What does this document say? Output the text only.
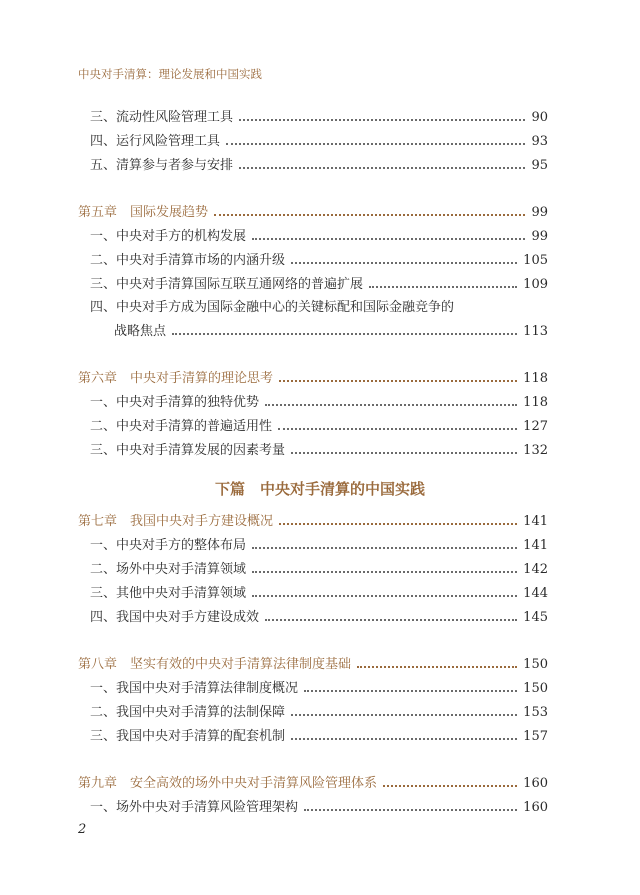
中央对手清算：理论发展和中国实践
三、流动性风险管理工具	90
四、运行风险管理工具	93
五、清算参与者参与安排	95
第五章　国际发展趋势	99
一、中央对手方的机构发展	99
二、中央对手清算市场的内涵升级	105
三、中央对手清算国际互联互通网络的普遍扩展	109
四、中央对手方成为国际金融中心的关键标配和国际金融竞争的
战略焦点	113
第六章　中央对手清算的理论思考	118
一、中央对手清算的独特优势	118
二、中央对手清算的普遍适用性	127
三、中央对手清算发展的因素考量	132
下篇　中央对手清算的中国实践
第七章　我国中央对手方建设概况	141
一、中央对手方的整体布局	141
二、场外中央对手清算领域	142
三、其他中央对手清算领域	144
四、我国中央对手方建设成效	145
第八章　坚实有效的中央对手清算法律制度基础	150
一、我国中央对手清算法律制度概况	150
二、我国中央对手清算的法制保障	153
三、我国中央对手清算的配套机制	157
第九章　安全高效的场外中央对手清算风险管理体系	160
一、场外中央对手清算风险管理架构	160
2
